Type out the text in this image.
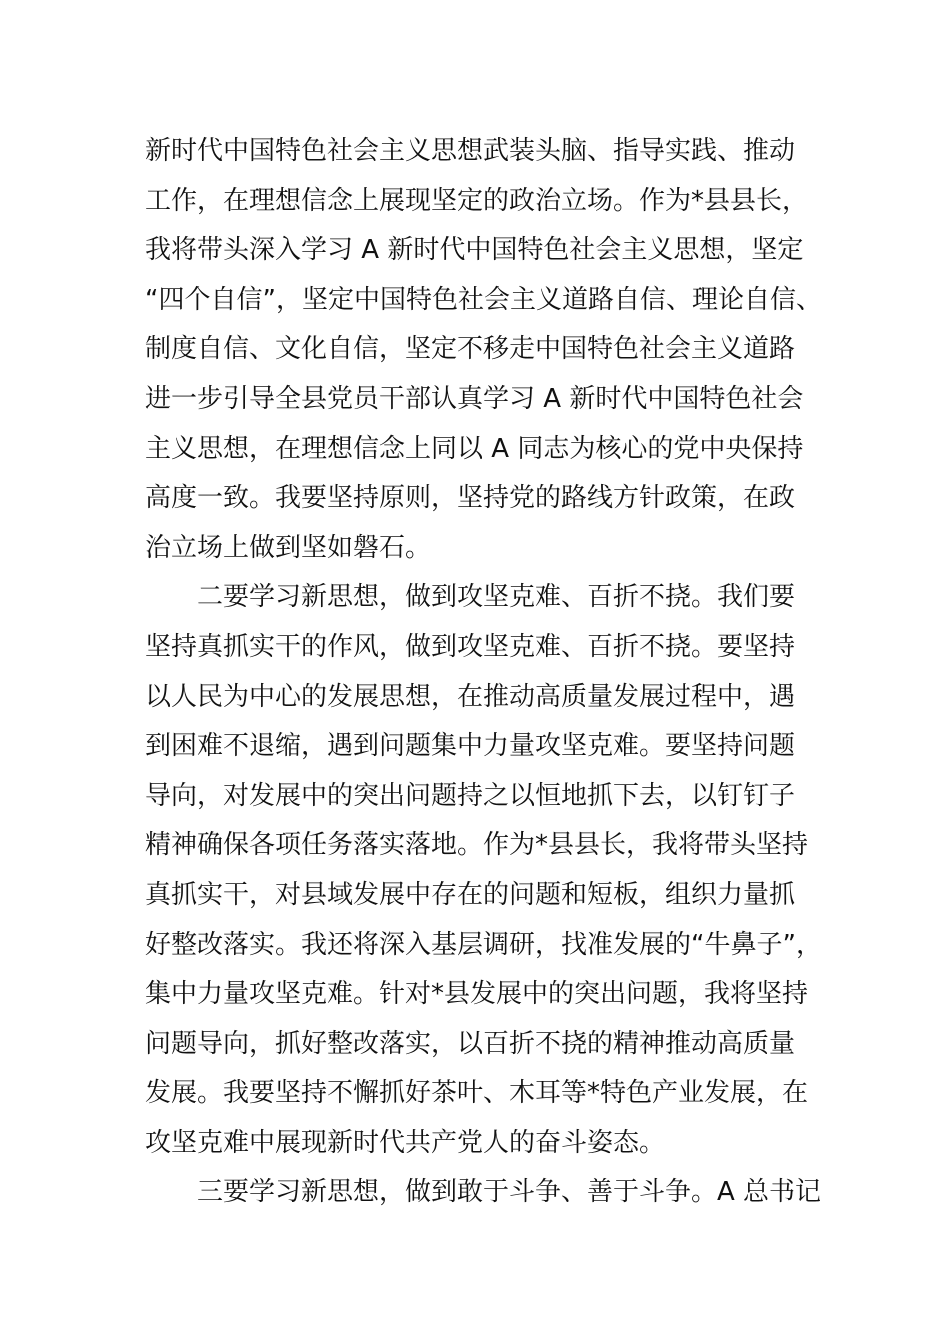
新时代中国特色社会主义思想武装头脑、指导实践、推动
工作，在理想信念上展现坚定的政治立场。作为*县县长，
我将带头深入学习 A 新时代中国特色社会主义思想，坚定
“四个自信”，坚定中国特色社会主义道路自信、理论自信、
制度自信、文化自信，坚定不移走中国特色社会主义道路
进一步引导全县党员干部认真学习 A 新时代中国特色社会
主义思想，在理想信念上同以 A 同志为核心的党中央保持
高度一致。我要坚持原则，坚持党的路线方针政策，在政
治立场上做到坚如磐石。
二要学习新思想，做到攻坚克难、百折不挠。我们要
坚持真抓实干的作风，做到攻坚克难、百折不挠。要坚持
以人民为中心的发展思想，在推动高质量发展过程中，遇
到困难不退缩，遇到问题集中力量攻坚克难。要坚持问题
导向，对发展中的突出问题持之以恒地抓下去，以钉钉子
精神确保各项任务落实落地。作为*县县长，我将带头坚持
真抓实干，对县域发展中存在的问题和短板，组织力量抓
好整改落实。我还将深入基层调研，找准发展的“牛鼻子”，
集中力量攻坚克难。针对*县发展中的突出问题，我将坚持
问题导向，抓好整改落实，以百折不挠的精神推动高质量
发展。我要坚持不懈抓好茶叶、木耳等*特色产业发展，在
攻坚克难中展现新时代共产党人的奋斗姿态。
三要学习新思想，做到敢于斗争、善于斗争。A 总书记
